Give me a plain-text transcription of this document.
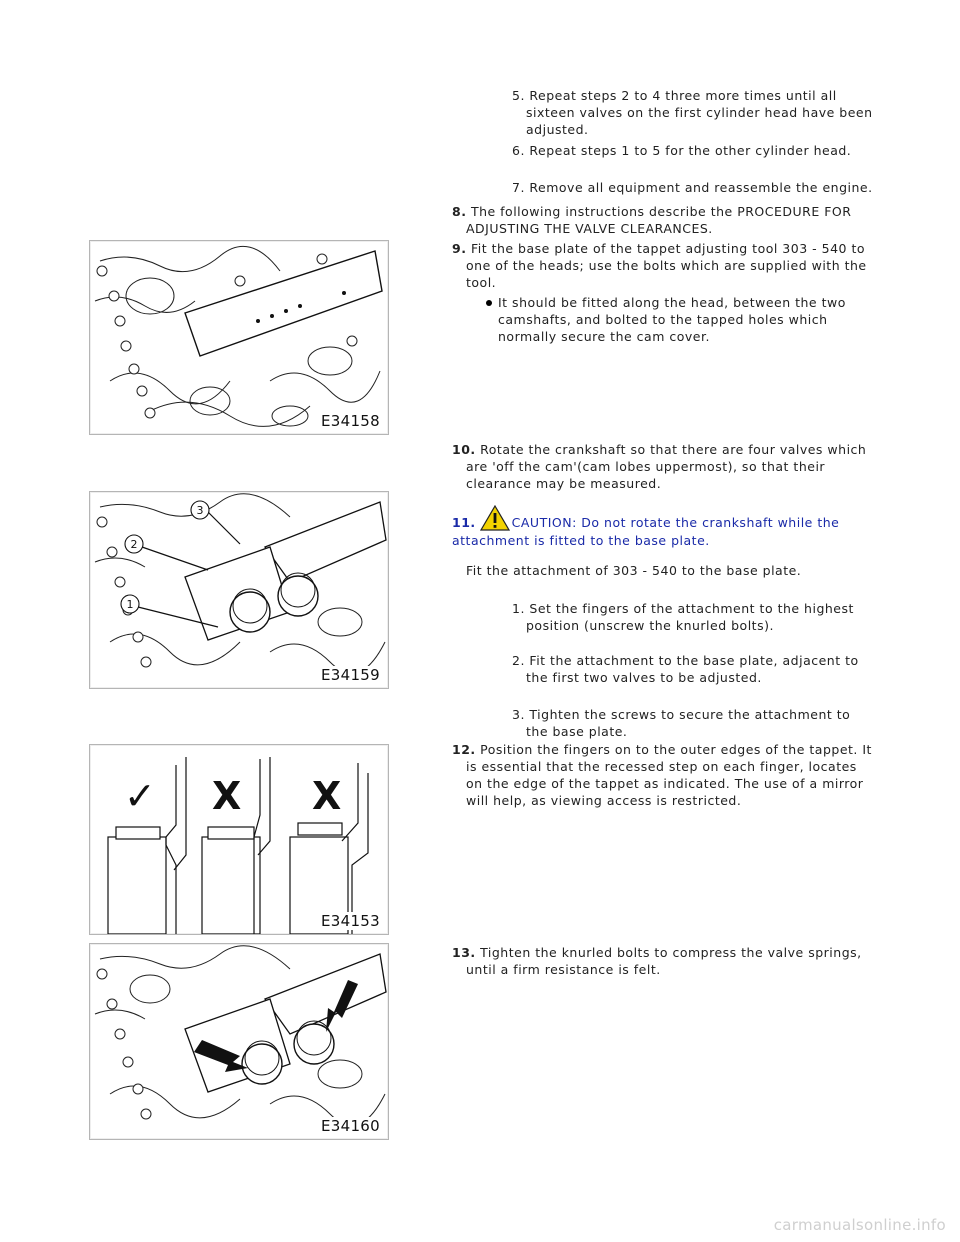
5. Repeat steps 2 to 4 three more times until all sixteen valves on the first cylinder head have been adjusted.
6. Repeat steps 1 to 5 for the other cylinder head.
7. Remove all equipment and reassemble the engine.
8. The following instructions describe the PROCEDURE FOR ADJUSTING THE VALVE CLEARANCES.
9. Fit the base plate of the tappet adjusting tool 303 - 540 to one of the heads; use the bolts which are supplied with the tool.
It should be fitted along the head, between the two camshafts, and bolted to the tapped holes which normally secure the cam cover.
10. Rotate the crankshaft so that there are four valves which are 'off the cam'(cam lobes uppermost), so that their clearance may be measured.
11.	CAUTION: Do not rotate the crankshaft while the attachment is fitted to the base plate.
Fit the attachment of 303 - 540 to the base plate.
1. Set the fingers of the attachment to the highest position (unscrew the knurled bolts).
2. Fit the attachment to the base plate, adjacent to the first two valves to be adjusted.
3. Tighten the screws to secure the attachment to the base plate.
12. Position the fingers on to the outer edges of the tappet. It is essential that the recessed step on each finger, locates on the edge of the tappet as indicated. The use of a mirror will help, as viewing access is restricted.
13. Tighten the knurled bolts to compress the valve springs, until a firm resistance is felt.
E34158
1
2
3
E34159
✓ X X
E34153
E34160
carmanualsonline.info
